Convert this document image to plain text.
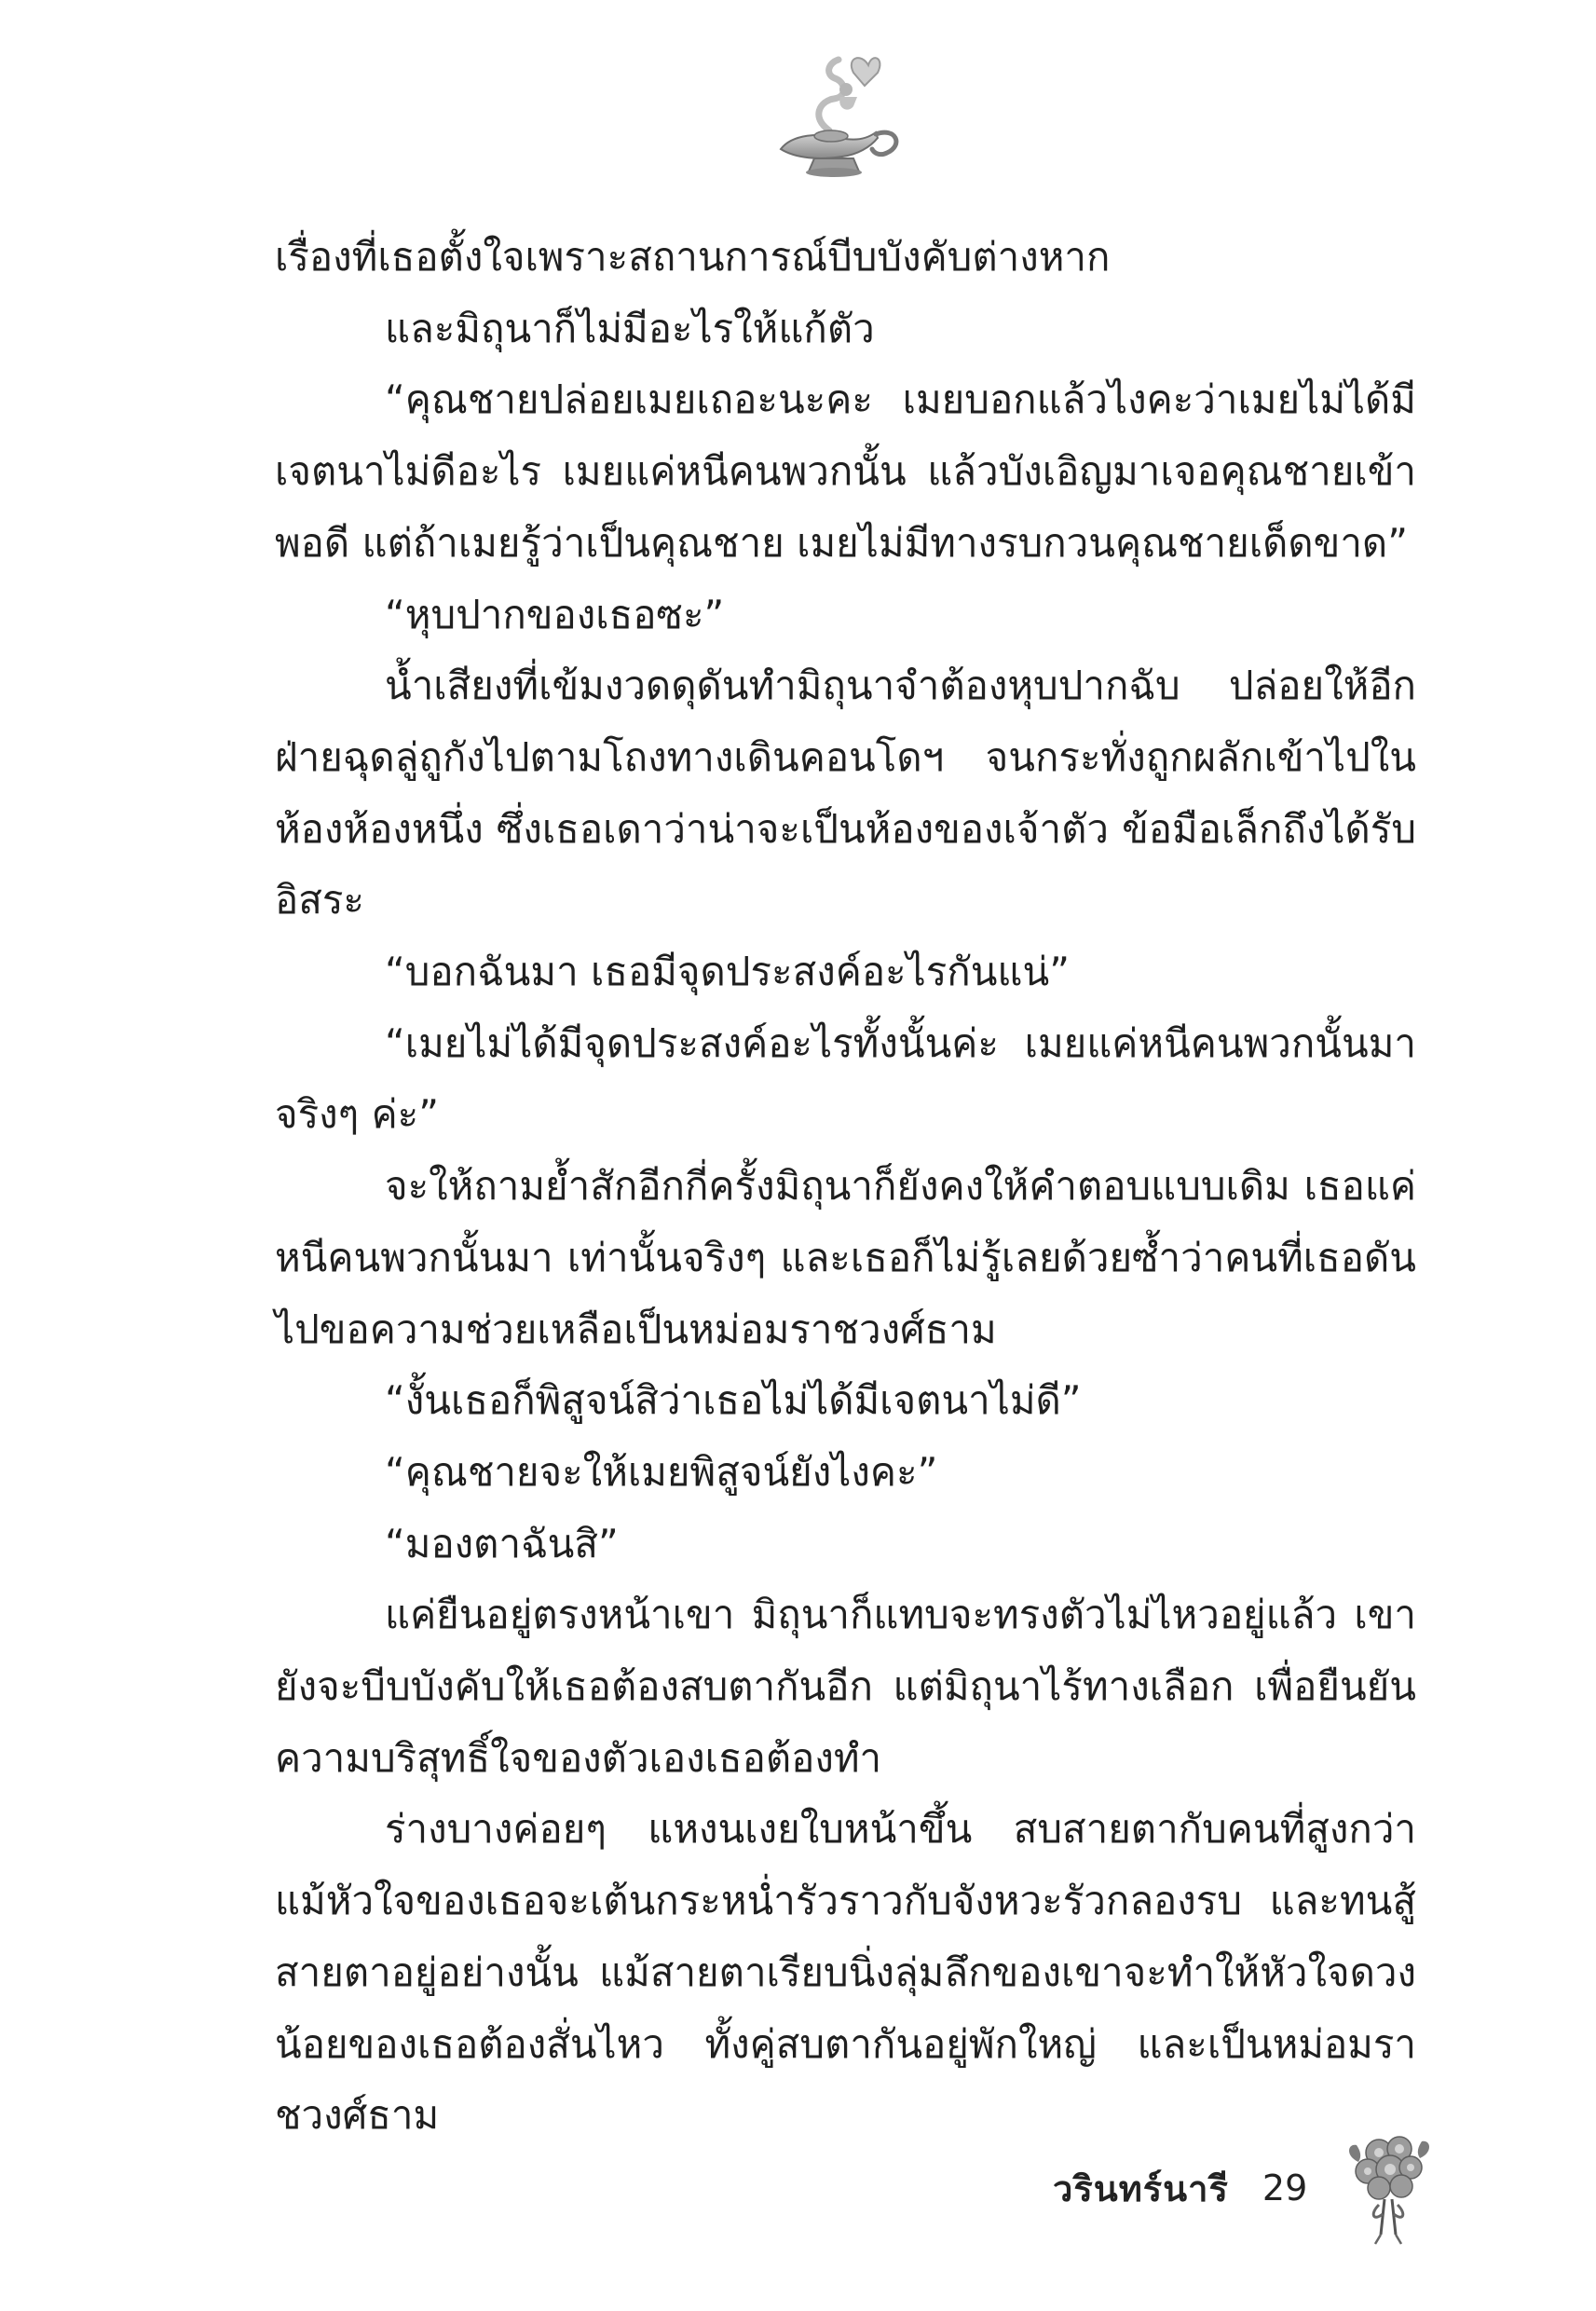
เรื่องที่เธอตั้งใจเพราะสถานการณ์บีบบังคับต่างหาก

และมิถุนาก็ไม่มีอะไรให้แก้ตัว

“คุณชายปล่อยเมยเถอะนะคะ เมยบอกแล้วไงคะว่าเมยไม่ได้มีเจตนาไม่ดีอะไร เมยแค่หนีคนพวกนั้น แล้วบังเอิญมาเจอคุณชายเข้าพอดี แต่ถ้าเมยรู้ว่าเป็นคุณชาย เมยไม่มีทางรบกวนคุณชายเด็ดขาด”

“หุบปากของเธอซะ”

น้ำเสียงที่เข้มงวดดุดันทำมิถุนาจำต้องหุบปากฉับ ปล่อยให้อีกฝ่ายฉุดลู่ถูกังไปตามโถงทางเดินคอนโดฯ จนกระทั่งถูกผลักเข้าไปในห้องห้องหนึ่ง ซึ่งเธอเดาว่าน่าจะเป็นห้องของเจ้าตัว ข้อมือเล็กถึงได้รับอิสระ

“บอกฉันมา เธอมีจุดประสงค์อะไรกันแน่”

“เมยไม่ได้มีจุดประสงค์อะไรทั้งนั้นค่ะ เมยแค่หนีคนพวกนั้นมาจริงๆ ค่ะ”

จะให้ถามย้ำสักอีกกี่ครั้งมิถุนาก็ยังคงให้คำตอบแบบเดิม เธอแค่หนีคนพวกนั้นมา เท่านั้นจริงๆ และเธอก็ไม่รู้เลยด้วยซ้ำว่าคนที่เธอดันไปขอความช่วยเหลือเป็นหม่อมราชวงศ์ธาม

“งั้นเธอก็พิสูจน์สิว่าเธอไม่ได้มีเจตนาไม่ดี”

“คุณชายจะให้เมยพิสูจน์ยังไงคะ”

“มองตาฉันสิ”

แค่ยืนอยู่ตรงหน้าเขา มิถุนาก็แทบจะทรงตัวไม่ไหวอยู่แล้ว เขายังจะบีบบังคับให้เธอต้องสบตากันอีก แต่มิถุนาไร้ทางเลือก เพื่อยืนยันความบริสุทธิ์ใจของตัวเองเธอต้องทำ

ร่างบางค่อยๆ แหงนเงยใบหน้าขึ้น สบสายตากับคนที่สูงกว่า แม้หัวใจของเธอจะเต้นกระหน่ำรัวราวกับจังหวะรัวกลองรบ และทนสู้สายตาอยู่อย่างนั้น แม้สายตาเรียบนิ่งลุ่มลึกของเขาจะทำให้หัวใจดวงน้อยของเธอต้องสั่นไหว ทั้งคู่สบตากันอยู่พักใหญ่ และเป็นหม่อมราชวงศ์ธาม

วรินทร์นารี 29
